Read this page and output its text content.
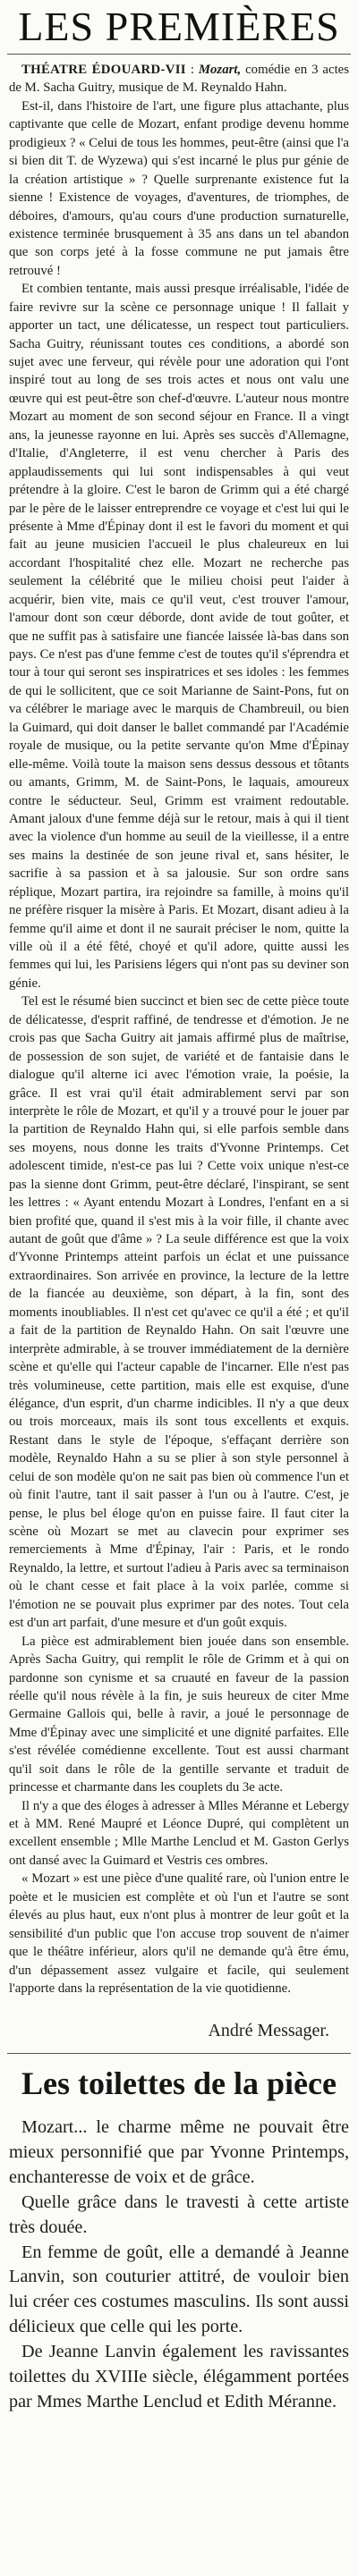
LES PREMIÈRES

THÉATRE ÉDOUARD-VII : Mozart, comédie en 3 actes de M. Sacha Guitry, musique de M. Reynaldo Hahn.

Est-il, dans l'histoire de l'art, une figure plus attachante, plus captivante que celle de Mozart, enfant prodige devenu homme prodigieux ? « Celui de tous les hommes, peut-être (ainsi que l'a si bien dit T. de Wyzewa) qui s'est incarné le plus pur génie de la création artistique » ? Quelle surprenante existence fut la sienne ! Existence de voyages, d'aventures, de triomphes, de déboires, d'amours, qu'au cours d'une production surnaturelle, existence terminée brusquement à 35 ans dans un tel abandon que son corps jeté à la fosse commune ne put jamais être retrouvé !

Et combien tentante, mais aussi presque irréalisable, l'idée de faire revivre sur la scène ce personnage unique ! Il fallait y apporter un tact, une délicatesse, un respect tout particuliers. Sacha Guitry, réunissant toutes ces conditions, a abordé son sujet avec une ferveur, qui révèle pour une adoration qui l'ont inspiré tout au long de ses trois actes et nous ont valu une œuvre qui est peut-être son chef-d'œuvre. L'auteur nous montre Mozart au moment de son second séjour en France. Il a vingt ans, la jeunesse rayonne en lui. Après ses succès d'Allemagne, d'Italie, d'Angleterre, il est venu chercher à Paris des applaudissements qui lui sont indispensables à qui veut prétendre à la gloire. C'est le baron de Grimm qui a été chargé par le père de le laisser entreprendre ce voyage et c'est lui qui le présente à Mme d'Épinay dont il est le favori du moment et qui fait au jeune musicien l'accueil le plus chaleureux en lui accordant l'hospitalité chez elle. Mozart ne recherche pas seulement la célébrité que le milieu choisi peut l'aider à acquérir, bien vite, mais ce qu'il veut, c'est trouver l'amour, l'amour dont son cœur déborde, dont avide de tout goûter, et que ne suffit pas à satisfaire une fiancée laissée là-bas dans son pays. Ce n'est pas d'une femme c'est de toutes qu'il s'éprendra et tour à tour qui seront ses inspiratrices et ses idoles : les femmes de qui le sollicitent, que ce soit Marianne de Saint-Pons, fut on va célébrer le mariage avec le marquis de Chambreuil, ou bien la Guimard, qui doit danser le ballet commandé par l'Académie royale de musique, ou la petite servante qu'on Mme d'Épinay elle-même. Voilà toute la maison sens dessus dessous et tôtants ou amants, Grimm, M. de Saint-Pons, le laquais, amoureux contre le séducteur. Seul, Grimm est vraiment redoutable. Amant jaloux d'une femme déjà sur le retour, mais à qui il tient avec la violence d'un homme au seuil de la vieillesse, il a entre ses mains la destinée de son jeune rival et, sans hésiter, le sacrifie à sa passion et à sa jalousie. Sur son ordre sans réplique, Mozart partira, ira rejoindre sa famille, à moins qu'il ne préfère risquer la misère à Paris. Et Mozart, disant adieu à la femme qu'il aime et dont il ne saurait préciser le nom, quitte la ville où il a été fêté, choyé et qu'il adore, quitte aussi les femmes qui lui, les Parisiens légers qui n'ont pas su deviner son génie.

Tel est le résumé bien succinct et bien sec de cette pièce toute de délicatesse, d'esprit raffiné, de tendresse et d'émotion. Je ne crois pas que Sacha Guitry ait jamais affirmé plus de maîtrise, de possession de son sujet, de variété et de fantaisie dans le dialogue qu'il alterne ici avec l'émotion vraie, la poésie, la grâce. Il est vrai qu'il était admirablement servi par son interprète le rôle de Mozart, et qu'il y a trouvé pour le jouer par la partition de Reynaldo Hahn qui, si elle parfois semble dans ses moyens, nous donne les traits d'Yvonne Printemps. Cet adolescent timide, n'est-ce pas lui ? Cette voix unique n'est-ce pas la sienne dont Grimm, peut-être déclaré, l'inspirant, se sent les lettres : « Ayant entendu Mozart à Londres, l'enfant en a si bien profité que, quand il s'est mis à la voir fille, il chante avec autant de goût que d'âme » ? La seule différence est que la voix d'Yvonne Printemps atteint parfois un éclat et une puissance extraordinaires. Son arrivée en province, la lecture de la lettre de la fiancée au deuxième, son départ, à la fin, sont des moments inoubliables. Il n'est cet qu'avec ce qu'il a été ; et qu'il a fait de la partition de Reynaldo Hahn. On sait l'œuvre une interprète admirable, à se trouver immédiatement de la dernière scène et qu'elle qui l'acteur capable de l'incarner. Elle n'est pas très volumineuse, cette partition, mais elle est exquise, d'une élégance, d'un esprit, d'un charme indicibles. Il n'y a que deux ou trois morceaux, mais ils sont tous excellents et exquis. Restant dans le style de l'époque, s'effaçant derrière son modèle, Reynaldo Hahn a su se plier à son style personnel à celui de son modèle qu'on ne sait pas bien où commence l'un et où finit l'autre, tant il sait passer à l'un ou à l'autre. C'est, je pense, le plus bel éloge qu'on en puisse faire. Il faut citer la scène où Mozart se met au clavecin pour exprimer ses remerciements à Mme d'Épinay, l'air : Paris, et le rondo Reynaldo, la lettre, et surtout l'adieu à Paris avec sa terminaison où le chant cesse et fait place à la voix parlée, comme si l'émotion ne se pouvait plus exprimer par des notes. Tout cela est d'un art parfait, d'une mesure et d'un goût exquis.

La pièce est admirablement bien jouée dans son ensemble. Après Sacha Guitry, qui remplit le rôle de Grimm et à qui on pardonne son cynisme et sa cruauté en faveur de la passion réelle qu'il nous révèle à la fin, je suis heureux de citer Mme Germaine Gallois qui, belle à ravir, a joué le personnage de Mme d'Épinay avec une simplicité et une dignité parfaites. Elle s'est révélée comédienne excellente. Tout est aussi charmant qu'il soit dans le rôle de la gentille servante et traduit de princesse et charmante dans les couplets du 3e acte.

Il n'y a que des éloges à adresser à Mlles Méranne et Lebergy et à MM. René Maupré et Léonce Dupré, qui complètent un excellent ensemble ; Mlle Marthe Lenclud et M. Gaston Gerlys ont dansé avec la Guimard et Vestris ces ombres.

« Mozart » est une pièce d'une qualité rare, où l'union entre le poète et le musicien est complète et où l'un et l'autre se sont élevés au plus haut, eux n'ont plus à montrer de leur goût et la sensibilité d'un public que l'on accuse trop souvent de n'aimer que le théâtre inférieur, alors qu'il ne demande qu'à être ému, d'un dépassement assez vulgaire et facile, qui seulement l'apporte dans la représentation de la vie quotidienne.

André Messager.
Les toilettes de la pièce

Mozart... le charme même ne pouvait être mieux personnifié que par Yvonne Printemps, enchanteresse de voix et de grâce.

Quelle grâce dans le travesti à cette artiste très douée.

En femme de goût, elle a demandé à Jeanne Lanvin, son couturier attitré, de vouloir bien lui créer ces costumes masculins. Ils sont aussi délicieux que celle qui les porte.

De Jeanne Lanvin également les ravissantes toilettes du XVIIIe siècle, élégamment portées par Mmes Marthe Lenclud et Edith Méranne.
